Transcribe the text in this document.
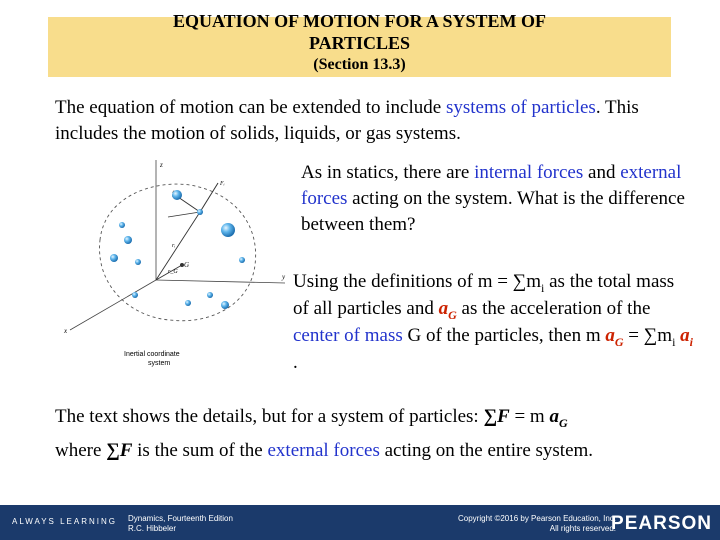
EQUATION OF MOTION FOR A SYSTEM OF
PARTICLES
(Section 13.3)
The equation of motion can be extended to include systems of particles. This includes the motion of solids, liquids, or gas systems.
z
y
x
Fᵢ
rᵢ
r_G
G
Inertial coordinate
system
As in statics, there are internal forces and external forces acting on the system. What is the difference between them?
Using the definitions of $m = \sum m_i$ as the total mass of all particles and $a_G$ as the acceleration of the center of mass G of the particles, then m $a_G = \sum m_i$ $a_i$ .
The text shows the details, but for a system of particles: ∑F = m $a_G$
where ∑F is the sum of the external forces acting on the entire system.
ALWAYS LEARNING Dynamics, Fourteenth Edition
R.C. Hibbeler
Copyright ©2016 by Pearson Education, Inc.
All rights reserved.
PEARSON
